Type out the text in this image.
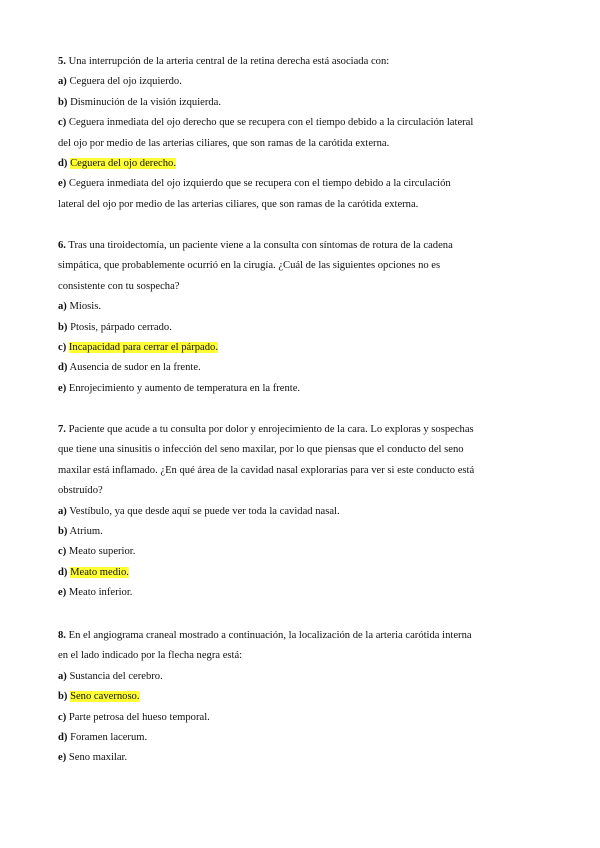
5. Una interrupción de la arteria central de la retina derecha está asociada con:
a) Ceguera del ojo izquierdo.
b) Disminución de la visión izquierda.
c) Ceguera inmediata del ojo derecho que se recupera con el tiempo debido a la circulación lateral
del ojo por medio de las arterias ciliares, que son ramas de la carótida externa.
d) Ceguera del ojo derecho.
e) Ceguera inmediata del ojo izquierdo que se recupera con el tiempo debido a la circulación
lateral del ojo por medio de las arterias ciliares, que son ramas de la carótida externa.
6. Tras una tiroidectomía, un paciente viene a la consulta con síntomas de rotura de la cadena
simpática, que probablemente ocurrió en la cirugía. ¿Cuál de las siguientes opciones no es
consistente con tu sospecha?
a) Miosis.
b) Ptosis, párpado cerrado.
c) Incapacidad para cerrar el párpado.
d) Ausencia de sudor en la frente.
e) Enrojecimiento y aumento de temperatura en la frente.
7. Paciente que acude a tu consulta por dolor y enrojecimiento de la cara. Lo exploras y sospechas
que tiene una sinusitis o infección del seno maxilar, por lo que piensas que el conducto del seno
maxilar está inflamado. ¿En qué área de la cavidad nasal explorarías para ver si este conducto está
obstruído?
a) Vestíbulo, ya que desde aquí se puede ver toda la cavidad nasal.
b) Atrium.
c) Meato superior.
d) Meato medio.
e) Meato inferior.
8. En el angiograma craneal mostrado a continuación, la localización de la arteria carótida interna
en el lado indicado por la flecha negra está:
a) Sustancia del cerebro.
b) Seno cavernoso.
c) Parte petrosa del hueso temporal.
d) Foramen lacerum.
e) Seno maxilar.
